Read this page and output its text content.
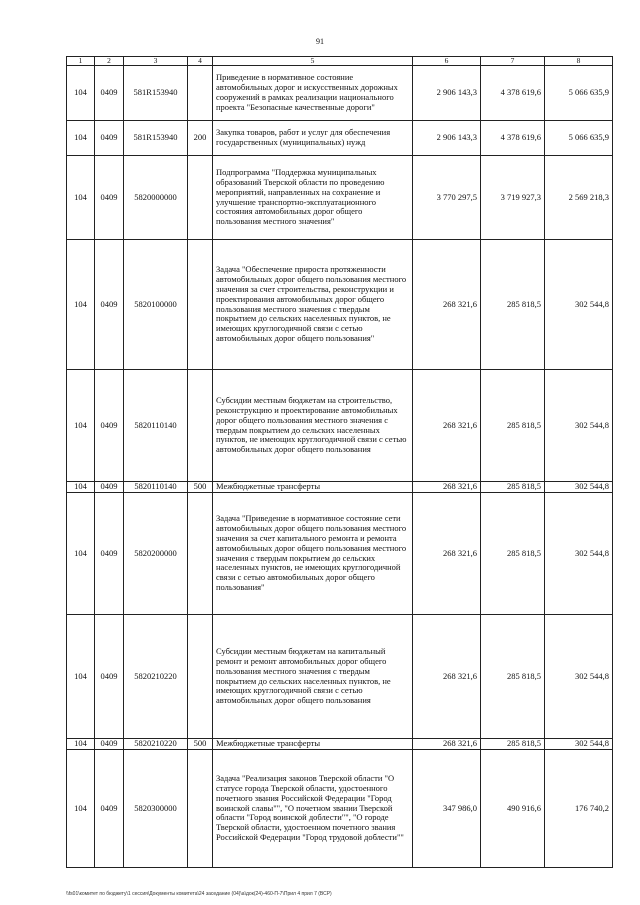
91
1	2	3	4	5	6	7	8
104	0409	581R153940		Приведение в нормативное состояние автомобильных дорог и искусственных дорожных сооружений в рамках реализации национального проекта "Безопасные качественные дороги"	2 906 143,3	4 378 619,6	5 066 635,9
104	0409	581R153940	200	Закупка товаров, работ и услуг для обеспечения государственных (муниципальных) нужд	2 906 143,3	4 378 619,6	5 066 635,9
104	0409	5820000000		Подпрограмма "Поддержка муниципальных образований Тверской области по проведению мероприятий, направленных на сохранение и улучшение транспортно-эксплуатационного состояния автомобильных дорог общего пользования местного значения"	3 770 297,5	3 719 927,3	2 569 218,3
104	0409	5820100000		Задача "Обеспечение прироста протяженности автомобильных дорог общего пользования местного значения за счет строительства, реконструкции и проектирования автомобильных дорог общего пользования местного значения с твердым покрытием до сельских населенных пунктов, не имеющих круглогодичной связи с сетью автомобильных дорог общего пользования"	268 321,6	285 818,5	302 544,8
104	0409	5820110140		Субсидии местным бюджетам на строительство, реконструкцию и проектирование автомобильных дорог общего пользования местного значения с твердым покрытием до сельских населенных пунктов, не имеющих круглогодичной связи с сетью автомобильных дорог общего пользования	268 321,6	285 818,5	302 544,8
104	0409	5820110140	500	Межбюджетные трансферты	268 321,6	285 818,5	302 544,8
104	0409	5820200000		Задача "Приведение в нормативное состояние сети автомобильных дорог общего пользования местного значения за счет капитального ремонта и ремонта автомобильных дорог общего пользования местного значения с твердым покрытием до сельских населенных пунктов, не имеющих круглогодичной связи с сетью автомобильных дорог общего пользования"	268 321,6	285 818,5	302 544,8
104	0409	5820210220		Субсидии местным бюджетам на капитальный ремонт и ремонт автомобильных дорог общего пользования местного значения с твердым покрытием до сельских населенных пунктов, не имеющих круглогодичной связи с сетью автомобильных дорог общего пользования	268 321,6	285 818,5	302 544,8
104	0409	5820210220	500	Межбюджетные трансферты	268 321,6	285 818,5	302 544,8
104	0409	5820300000		Задача "Реализация законов Тверской области "О статусе города Тверской области, удостоенного почетного звания Российской Федерации "Город воинской славы"", "О почетном звании Тверской области "Город воинской доблести"", "О городе Тверской области, удостоенном почетного звания Российской Федерации "Город трудовой доблести""	347 986,0	490 916,6	176 740,2
\\fs01\комитет по бюджету\1 сессия\Документы комитета\24 заседание (04)\а\док(24)-460-П-7\Прил 4 прил 7 (ВСР)
